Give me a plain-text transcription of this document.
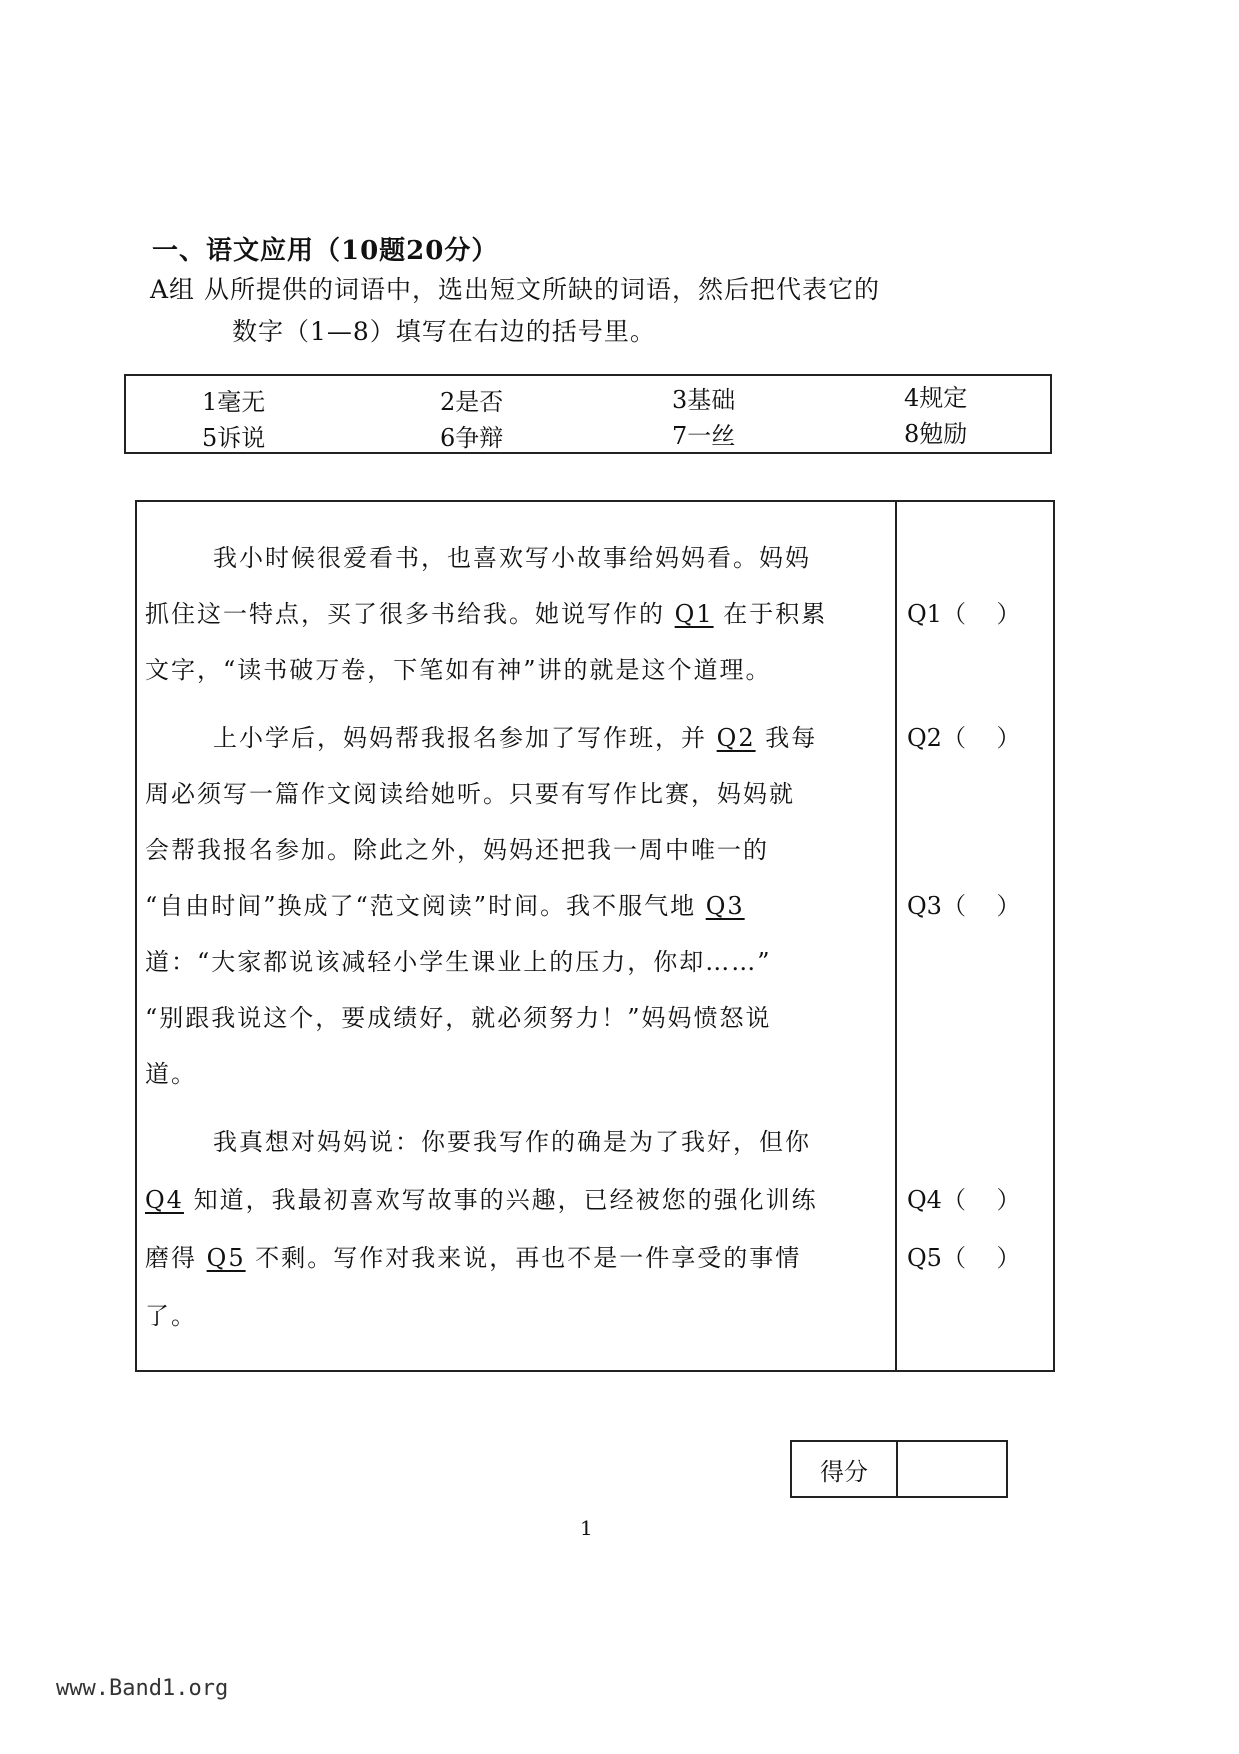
一、语文应用（10题20分）
A组 从所提供的词语中，选出短文所缺的词语，然后把代表它的
数字（1—8）填写在右边的括号里。
1毫无	2是否	3基础	4规定
5诉说	6争辩	7一丝	8勉励
我小时候很爱看书，也喜欢写小故事给妈妈看。妈妈
抓住这一特点，买了很多书给我。她说写作的 Q1 在于积累
文字，“读书破万卷，下笔如有神”讲的就是这个道理。
上小学后，妈妈帮我报名参加了写作班，并 Q2 我每
周必须写一篇作文阅读给她听。只要有写作比赛，妈妈就
会帮我报名参加。除此之外，妈妈还把我一周中唯一的
“自由时间”换成了“范文阅读”时间。我不服气地 Q3
道：“大家都说该减轻小学生课业上的压力，你却……”
“别跟我说这个，要成绩好，就必须努力！”妈妈愤怒说
道。
我真想对妈妈说：你要我写作的确是为了我好，但你
Q4 知道，我最初喜欢写故事的兴趣，已经被您的强化训练
磨得 Q5 不剩。写作对我来说，再也不是一件享受的事情
了。
Q1（    ）
Q2（    ）
Q3（    ）
Q4（    ）
Q5（    ）
得分
1
www.Band1.org
